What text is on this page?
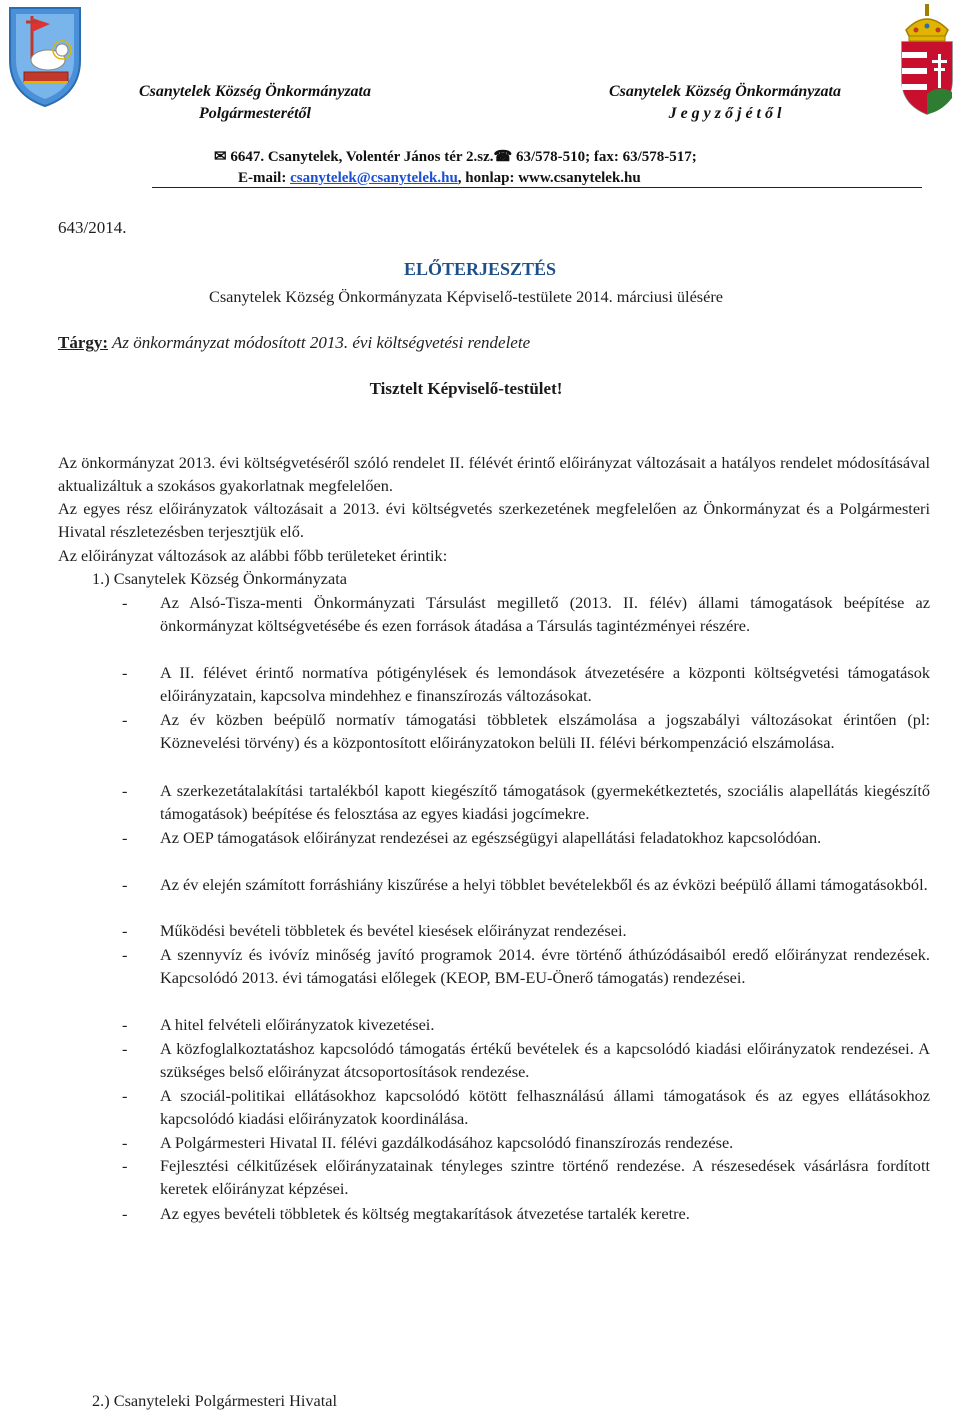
Csanytelek Község Önkormányzata
Polgármesterétől
Csanytelek Község Önkormányzata
J e g y z ő j é t ő l
✉ 6647. Csanytelek, Volentér János tér 2.sz.☎ 63/578-510; fax: 63/578-517;
E-mail: csanytelek@csanytelek.hu, honlap: www.csanytelek.hu
643/2014.
ELŐTERJESZTÉS
Csanytelek Község Önkormányzata Képviselő-testülete 2014. márciusi ülésére
Tárgy: Az önkormányzat módosított 2013. évi költségvetési rendelete
Tisztelt Képviselő-testület!
Az önkormányzat 2013. évi költségvetéséről szóló rendelet II. félévét érintő előirányzat változásait a hatályos rendelet módosításával aktualizáltuk a szokásos gyakorlatnak megfelelően.
Az egyes rész előirányzatok változásait a 2013. évi költségvetés szerkezetének megfelelően az Önkormányzat és a Polgármesteri Hivatal részletezésben terjesztjük elő.
Az előirányzat változások az alábbi főbb területeket érintik:
1.) Csanytelek Község Önkormányzata
- Az Alsó-Tisza-menti Önkormányzati Társulást megillető (2013. II. félév) állami támogatások beépítése az önkormányzat költségvetésébe és ezen források átadása a Társulás tagintézményei részére.
- A II. félévet érintő normatíva pótigénylések és lemondások átvezetésére a központi költségvetési támogatások előirányzatain, kapcsolva mindehhez e finanszírozás változásokat.
- Az év közben beépülő normatív támogatási többletek elszámolása a jogszabályi változásokat érintően (pl: Köznevelési törvény) és a központosított előirányzatokon belüli II. félévi bérkompenzáció elszámolása.
- A szerkezetátalakítási tartalékból kapott kiegészítő támogatások (gyermekétkeztetés, szociális alapellátás kiegészítő támogatások) beépítése és felosztása az egyes kiadási jogcímekre.
- Az OEP támogatások előirányzat rendezései az egészségügyi alapellátási feladatokhoz kapcsolódóan.
- Az év elején számított forráshiány kiszűrése a helyi többlet bevételekből és az évközi beépülő állami támogatásokból.
- Működési bevételi többletek és bevétel kiesések előirányzat rendezései.
- A szennyvíz és ivóvíz minőség javító programok 2014. évre történő áthúzódásaiból eredő előirányzat rendezések. Kapcsolódó 2013. évi támogatási előlegek (KEOP, BM-EU-Önerő támogatás) rendezései.
- A hitel felvételi előirányzatok kivezetései.
- A közfoglalkoztatáshoz kapcsolódó támogatás értékű bevételek és a kapcsolódó kiadási előirányzatok rendezései. A szükséges belső előirányzat átcsoportosítások rendezése.
- A szociál-politikai ellátásokhoz kapcsolódó kötött felhasználású állami támogatások és az egyes ellátásokhoz kapcsolódó kiadási előirányzatok koordinálása.
- A Polgármesteri Hivatal II. félévi gazdálkodásához kapcsolódó finanszírozás rendezése.
- Fejlesztési célkitűzések előirányzatainak tényleges szintre történő rendezése. A részesedések vásárlásra fordított keretek előirányzat képzései.
- Az egyes bevételi többletek és költség megtakarítások átvezetése tartalék keretre.
2.) Csanyteleki Polgármesteri Hivatal
